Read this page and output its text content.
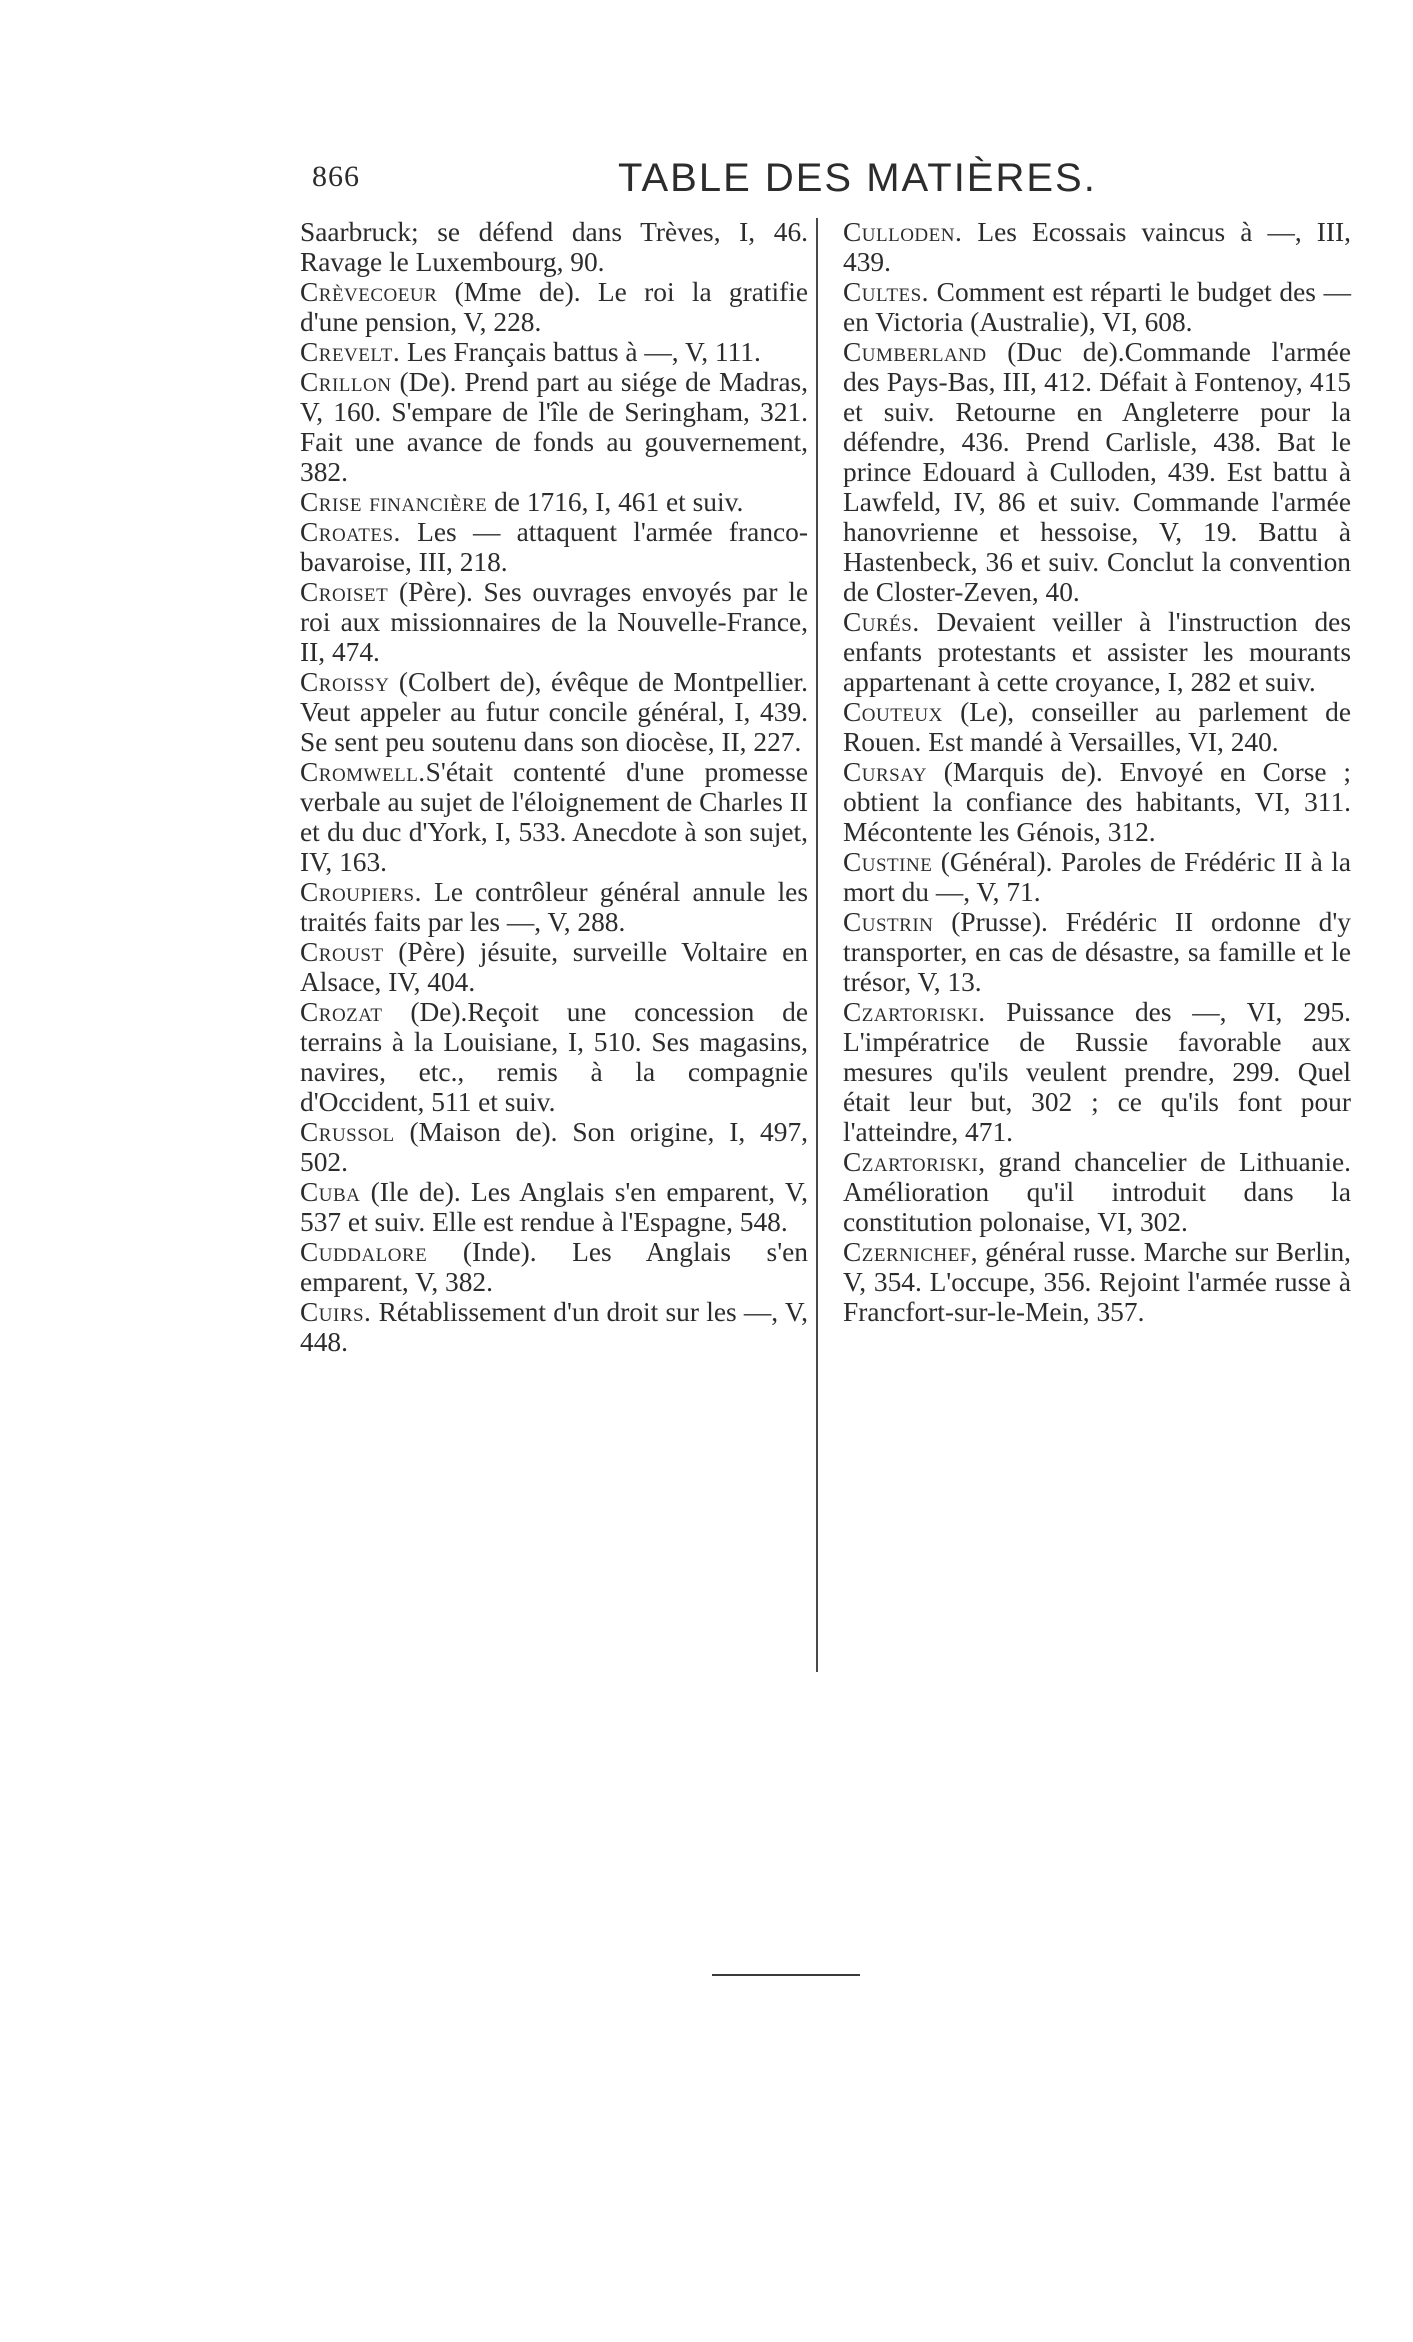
866	TABLE DES MATIÈRES.

Saarbruck; se défend dans Trèves, I, 46. Ravage le Luxembourg, 90.

Crèvecoeur (Mme de). Le roi la gratifie d'une pension, V, 228.

Crevelt. Les Français battus à —, V, 111.

Crillon (De). Prend part au siége de Madras, V, 160. S'empare de l'île de Seringham, 321. Fait une avance de fonds au gouvernement, 382.

Crise financière de 1716, I, 461 et suiv.

Croates. Les — attaquent l'armée franco-bavaroise, III, 218.

Croiset (Père). Ses ouvrages envoyés par le roi aux missionnaires de la Nouvelle-France, II, 474.

Croissy (Colbert de), évêque de Montpellier. Veut appeler au futur concile général, I, 439. Se sent peu soutenu dans son diocèse, II, 227.

Cromwell.S'était contenté d'une promesse verbale au sujet de l'éloignement de Charles II et du duc d'York, I, 533. Anecdote à son sujet, IV, 163.

Croupiers. Le contrôleur général annule les traités faits par les —, V, 288.

Croust (Père) jésuite, surveille Voltaire en Alsace, IV, 404.

Crozat (De).Reçoit une concession de terrains à la Louisiane, I, 510. Ses magasins, navires, etc., remis à la compagnie d'Occident, 511 et suiv.

Crussol (Maison de). Son origine, I, 497, 502.

Cuba (Ile de). Les Anglais s'en emparent, V, 537 et suiv. Elle est rendue à l'Espagne, 548.

Cuddalore (Inde). Les Anglais s'en emparent, V, 382.

Cuirs. Rétablissement d'un droit sur les —, V, 448.

Culloden. Les Ecossais vaincus à —, III, 439.

Cultes. Comment est réparti le budget des — en Victoria (Australie), VI, 608.

Cumberland (Duc de).Commande l'armée des Pays-Bas, III, 412. Défait à Fontenoy, 415 et suiv. Retourne en Angleterre pour la défendre, 436. Prend Carlisle, 438. Bat le prince Edouard à Culloden, 439. Est battu à Lawfeld, IV, 86 et suiv. Commande l'armée hanovrienne et hessoise, V, 19. Battu à Hastenbeck, 36 et suiv. Conclut la convention de Closter-Zeven, 40.

Curés. Devaient veiller à l'instruction des enfants protestants et assister les mourants appartenant à cette croyance, I, 282 et suiv.

Couteux (Le), conseiller au parlement de Rouen. Est mandé à Versailles, VI, 240.

Cursay (Marquis de). Envoyé en Corse ; obtient la confiance des habitants, VI, 311. Mécontente les Génois, 312.

Custine (Général). Paroles de Frédéric II à la mort du —, V, 71.

Custrin (Prusse). Frédéric II ordonne d'y transporter, en cas de désastre, sa famille et le trésor, V, 13.

Czartoriski. Puissance des —, VI, 295. L'impératrice de Russie favorable aux mesures qu'ils veulent prendre, 299. Quel était leur but, 302 ; ce qu'ils font pour l'atteindre, 471.

Czartoriski, grand chancelier de Lithuanie. Amélioration qu'il introduit dans la constitution polonaise, VI, 302.

Czernichef, général russe. Marche sur Berlin, V, 354. L'occupe, 356. Rejoint l'armée russe à Francfort-sur-le-Mein, 357.
